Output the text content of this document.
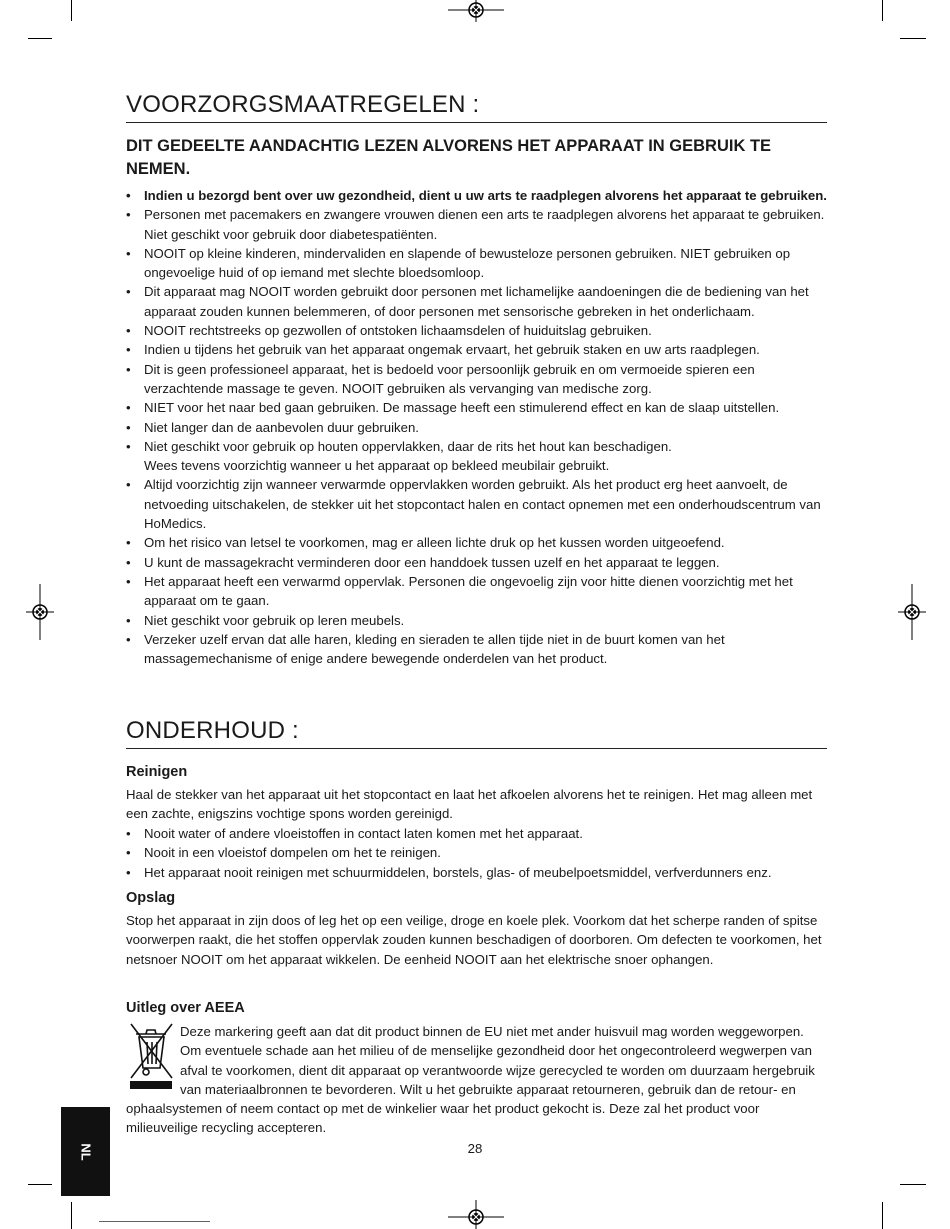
VOORZORGSMAATREGELEN :
DIT GEDEELTE AANDACHTIG LEZEN ALVORENS HET APPARAAT IN GEBRUIK TE NEMEN.
• Indien u bezorgd bent over uw gezondheid, dient u uw arts te raadplegen alvorens het apparaat te gebruiken.
• Personen met pacemakers en zwangere vrouwen dienen een arts te raadplegen alvorens het apparaat te gebruiken. Niet geschikt voor gebruik door diabetespatiënten.
• NOOIT op kleine kinderen, mindervaliden en slapende of bewusteloze personen gebruiken. NIET gebruiken op ongevoelige huid of op iemand met slechte bloedsomloop.
• Dit apparaat mag NOOIT worden gebruikt door personen met lichamelijke aandoeningen die de bediening van het apparaat zouden kunnen belemmeren, of door personen met sensorische gebreken in het onderlichaam.
• NOOIT rechtstreeks op gezwollen of ontstoken lichaamsdelen of huiduitslag gebruiken.
• Indien u tijdens het gebruik van het apparaat ongemak ervaart, het gebruik staken en uw arts raadplegen.
• Dit is geen professioneel apparaat, het is bedoeld voor persoonlijk gebruik en om vermoeide spieren een verzachtende massage te geven. NOOIT gebruiken als vervanging van medische zorg.
• NIET voor het naar bed gaan gebruiken. De massage heeft een stimulerend effect en kan de slaap uitstellen.
• Niet langer dan de aanbevolen duur gebruiken.
• Niet geschikt voor gebruik op houten oppervlakken, daar de rits het hout kan beschadigen.
Wees tevens voorzichtig wanneer u het apparaat op bekleed meubilair gebruikt.
• Altijd voorzichtig zijn wanneer verwarmde oppervlakken worden gebruikt. Als het product erg heet aanvoelt, de netvoeding uitschakelen, de stekker uit het stopcontact halen en contact opnemen met een onderhoudscentrum van HoMedics.
• Om het risico van letsel te voorkomen, mag er alleen lichte druk op het kussen worden uitgeoefend.
• U kunt de massagekracht verminderen door een handdoek tussen uzelf en het apparaat te leggen.
• Het apparaat heeft een verwarmd oppervlak. Personen die ongevoelig zijn voor hitte dienen voorzichtig met het apparaat om te gaan.
• Niet geschikt voor gebruik op leren meubels.
• Verzeker uzelf ervan dat alle haren, kleding en sieraden te allen tijde niet in de buurt komen van het massagemechanisme of enige andere bewegende onderdelen van het product.
ONDERHOUD :
Reinigen

Haal de stekker van het apparaat uit het stopcontact en laat het afkoelen alvorens het te reinigen. Het mag alleen met een zachte, enigszins vochtige spons worden gereinigd.

• Nooit water of andere vloeistoffen in contact laten komen met het apparaat.
• Nooit in een vloeistof dompelen om het te reinigen.
• Het apparaat nooit reinigen met schuurmiddelen, borstels, glas- of meubelpoetsmiddel, verfverdunners enz.
Opslag

Stop het apparaat in zijn doos of leg het op een veilige, droge en koele plek. Voorkom dat het scherpe randen of spitse voorwerpen raakt, die het stoffen oppervlak zouden kunnen beschadigen of doorboren. Om defecten te voorkomen, het netsnoer NOOIT om het apparaat wikkelen. De eenheid NOOIT aan het elektrische snoer ophangen.

Uitleg over AEEA
Deze markering geeft aan dat dit product binnen de EU niet met ander huisvuil mag worden weggeworpen. Om eventuele schade aan het milieu of de menselijke gezondheid door het ongecontroleerd wegwerpen van afval te voorkomen, dient dit apparaat op verantwoorde wijze gerecycled te worden om duurzaam hergebruik van materiaalbronnen te bevorderen. Wilt u het gebruikte apparaat retourneren, gebruik dan de retour- en ophaalsystemen of neem contact op met de winkelier waar het product gekocht is. Deze zal het product voor milieuveilige recycling accepteren.
NL	28
